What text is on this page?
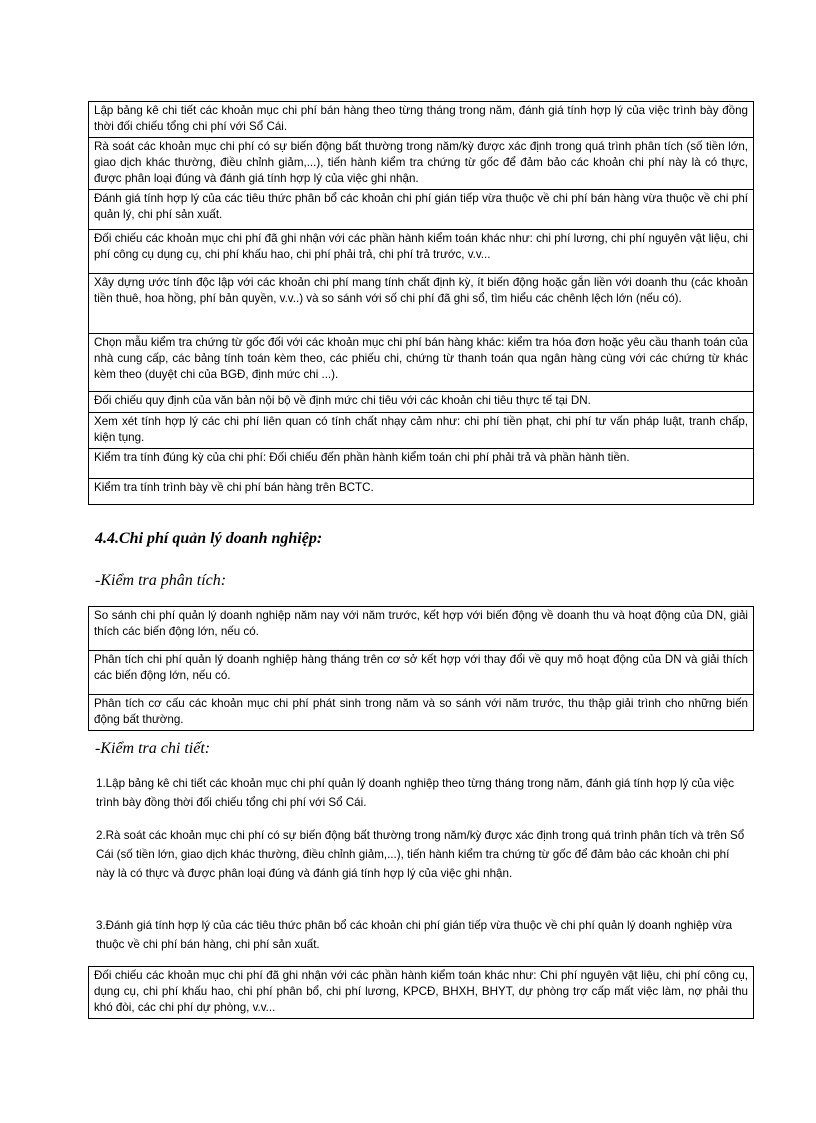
Lập bảng kê chi tiết các khoản mục chi phí bán hàng theo từng tháng trong năm, đánh giá tính hợp lý của việc trình bày đồng thời đối chiếu tổng chi phí với Sổ Cái.
Rà soát các khoản mục chi phí có sự biến động bất thường trong năm/kỳ được xác định trong quá trình phân tích (số tiền lớn, giao dịch khác thường, điều chỉnh giảm,...), tiến hành kiểm tra chứng từ gốc để đảm bảo các khoản chi phí này là có thực, được phân loại đúng và đánh giá tính hợp lý của việc ghi nhận.
Đánh giá tính hợp lý của các tiêu thức phân bổ các khoản chi phí gián tiếp vừa thuộc về chi phí bán hàng vừa thuộc về chi phí quản lý, chi phí sản xuất.
Đối chiếu các khoản mục chi phí đã ghi nhận với các phần hành kiểm toán khác như: chi phí lương, chi phí nguyên vật liệu, chi phí công cụ dụng cụ, chi phí khấu hao, chi phí phải trả, chi phí trả trước, v.v...
Xây dựng ước tính độc lập với các khoản chi phí mang tính chất định kỳ, ít biến động hoặc gắn liền với doanh thu (các khoản tiền thuê, hoa hồng, phí bản quyền, v.v..) và so sánh với số chi phí đã ghi sổ, tìm hiểu các chênh lệch lớn (nếu có).
Chọn mẫu kiểm tra chứng từ gốc đối với các khoản mục chi phí bán hàng khác: kiểm tra hóa đơn hoặc yêu cầu thanh toán của nhà cung cấp, các bảng tính toán kèm theo, các phiếu chi, chứng từ thanh toán qua ngân hàng cùng với các chứng từ khác kèm theo (duyệt chi của BGĐ, định mức chi ...).
Đối chiếu quy định của văn bản nội bộ về định mức chi tiêu với các khoản chi tiêu thực tế tại DN.
Xem xét tính hợp lý các chi phí liên quan có tính chất nhạy cảm như: chi phí tiền phạt, chi phí tư vấn pháp luật, tranh chấp, kiện tụng.
Kiểm tra tính đúng kỳ của chi phí: Đối chiếu đến phần hành kiểm toán chi phí phải trả và phần hành tiền.
Kiểm tra tính trình bày về chi phí bán hàng trên BCTC.
4.4.Chi phí quản lý doanh nghiệp:
-Kiểm tra phân tích:
So sánh chi phí quản lý doanh nghiệp năm nay với năm trước, kết hợp với biến động về doanh thu và hoạt động của DN, giải thích các biến động lớn, nếu có.
Phân tích chi phí quản lý doanh nghiệp hàng tháng trên cơ sở kết hợp với thay đổi về quy mô hoạt động của DN và giải thích các biến động lớn, nếu có.
Phân tích cơ cấu các khoản mục chi phí phát sinh trong năm và so sánh với năm trước, thu thập giải trình cho những biến động bất thường.
-Kiểm tra chi tiết:
1.Lập bảng kê chi tiết các khoản mục chi phí quản lý doanh nghiệp theo từng tháng trong năm, đánh giá tính hợp lý của việc trình bày đồng thời đối chiếu tổng chi phí với Sổ Cái.
2.Rà soát các khoản mục chi phí có sự biến động bất thường trong năm/kỳ được xác định trong quá trình phân tích và trên Sổ Cái (số tiền lớn, giao dịch khác thường, điều chỉnh giảm,...), tiến hành kiểm tra chứng từ gốc để đảm bảo các khoản chi phí này là có thực và được phân loại đúng và đánh giá tính hợp lý của việc ghi nhận.
3.Đánh giá tính hợp lý của các tiêu thức phân bổ các khoản chi phí gián tiếp vừa thuộc về chi phí quản lý doanh nghiệp vừa thuộc về chi phí bán hàng, chi phí sản xuất.
Đối chiếu các khoản mục chi phí đã ghi nhận với các phần hành kiểm toán khác như: Chi phí nguyên vật liệu, chi phí công cụ, dụng cụ, chi phí khấu hao, chi phí phân bổ, chi phí lương, KPCĐ, BHXH, BHYT, dự phòng trợ cấp mất việc làm, nợ phải thu khó đòi, các chi phí dự phòng, v.v...
